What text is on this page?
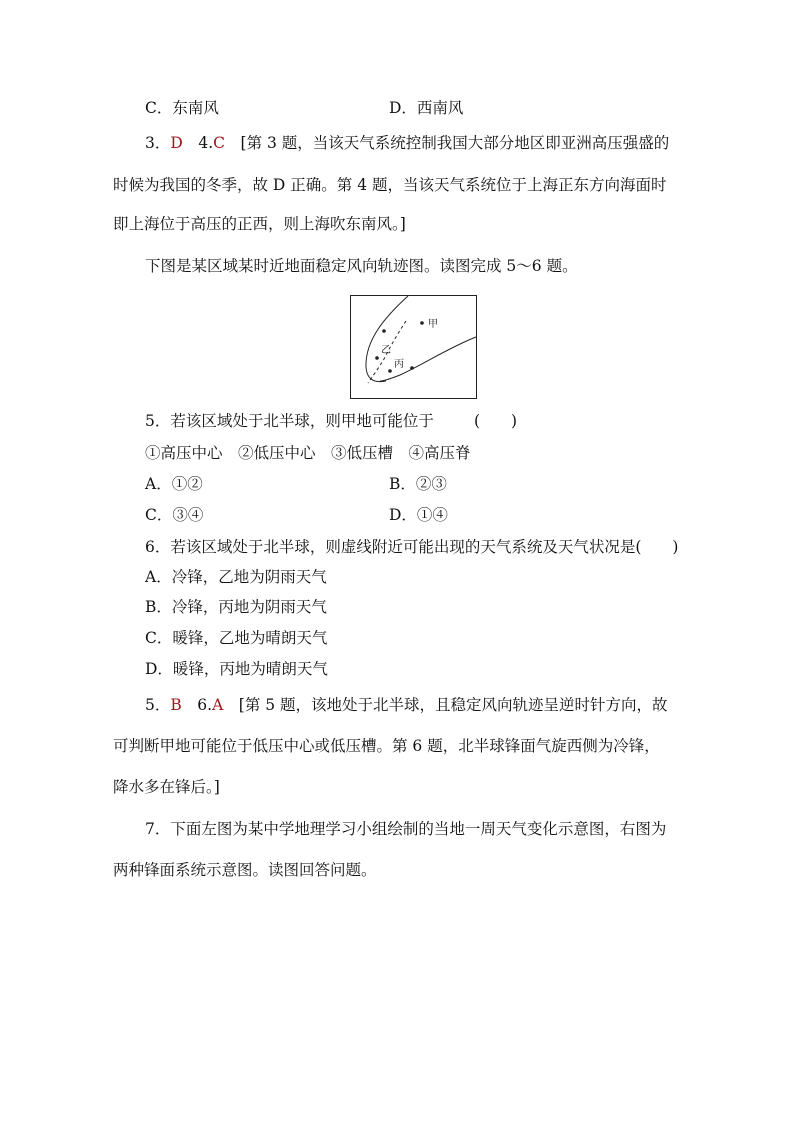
C．东南风	D．西南风
3．D　 4.C　 [第 3 题，当该天气系统控制我国大部分地区即亚洲高压强盛的
时候为我国的冬季，故 D 正确。第 4 题，当该天气系统位于上海正东方向海面时
即上海位于高压的正西，则上海吹东南风。]
下图是某区域某时近地面稳定风向轨迹图。读图完成 5～6 题。
甲
乙
丙
5．若该区域处于北半球，则甲地可能位于	(　　)
①高压中心　②低压中心　③低压槽　④高压脊
A．①②	B．②③
C．③④	D．①④
6．若该区域处于北半球，则虚线附近可能出现的天气系统及天气状况是(　　)
A．冷锋，乙地为阴雨天气
B．冷锋，丙地为阴雨天气
C．暖锋，乙地为晴朗天气
D．暖锋，丙地为晴朗天气
5．B　 6.A　 [第 5 题，该地处于北半球，且稳定风向轨迹呈逆时针方向，故
可判断甲地可能位于低压中心或低压槽。第 6 题，北半球锋面气旋西侧为冷锋，
降水多在锋后。]
7．下面左图为某中学地理学习小组绘制的当地一周天气变化示意图，右图为
两种锋面系统示意图。读图回答问题。
